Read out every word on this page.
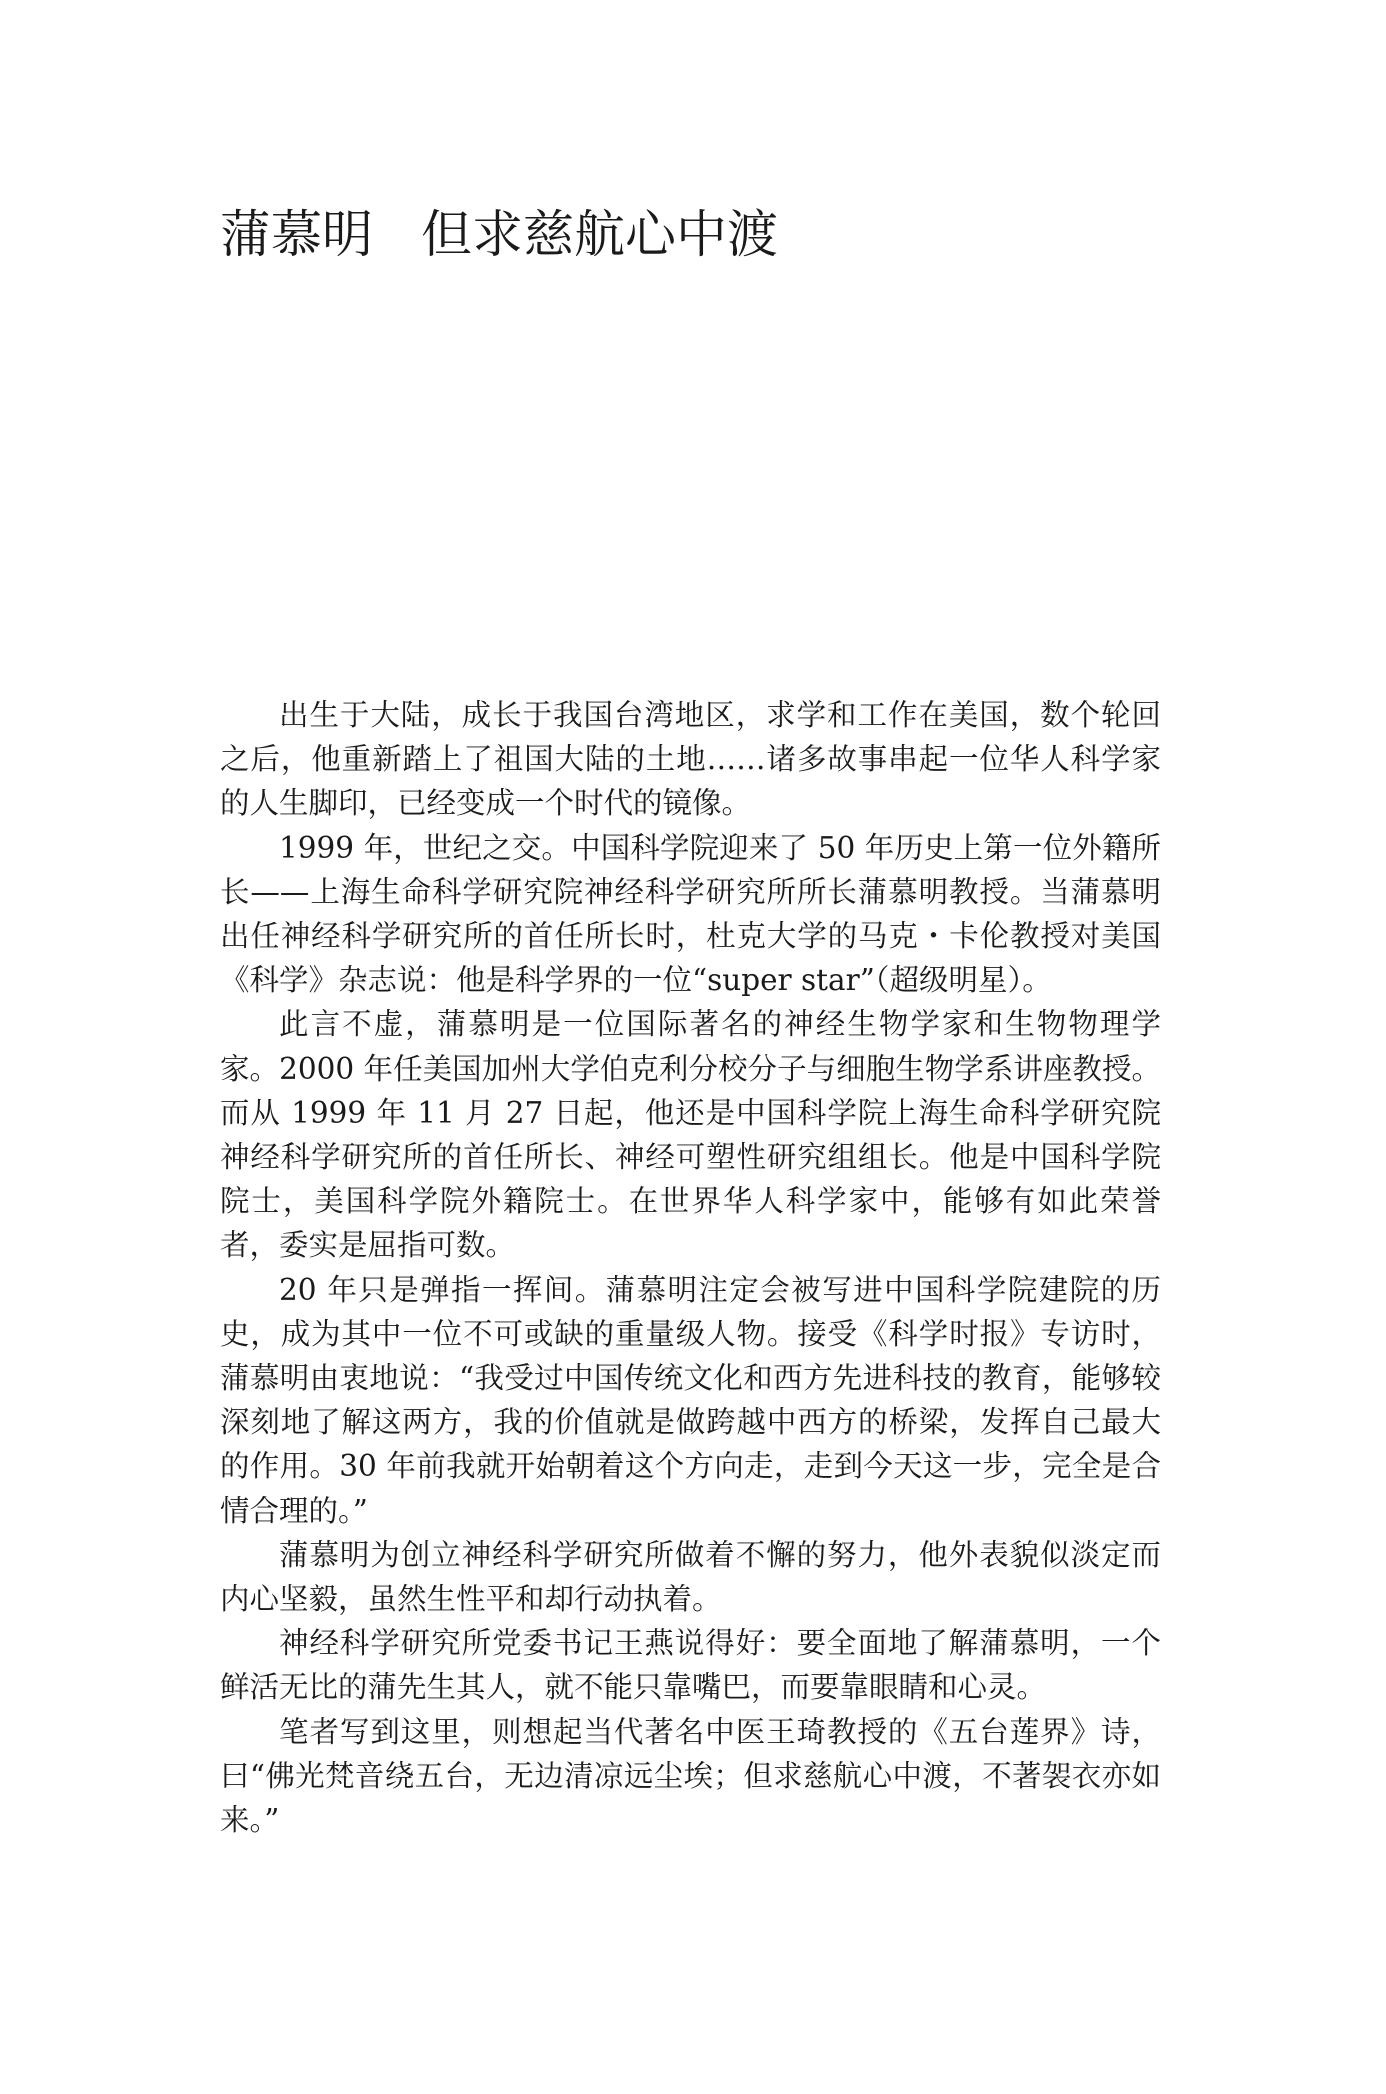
蒲慕明 但求慈航心中渡

出生于大陆，成长于我国台湾地区，求学和工作在美国，数个轮回之后，他重新踏上了祖国大陆的土地……诸多故事串起一位华人科学家的人生脚印，已经变成一个时代的镜像。

1999 年，世纪之交。中国科学院迎来了 50 年历史上第一位外籍所长——上海生命科学研究院神经科学研究所所长蒲慕明教授。当蒲慕明出任神经科学研究所的首任所长时，杜克大学的马克・卡伦教授对美国《科学》杂志说：他是科学界的一位“super star”（超级明星）。

此言不虚，蒲慕明是一位国际著名的神经生物学家和生物物理学家。2000 年任美国加州大学伯克利分校分子与细胞生物学系讲座教授。而从 1999 年 11 月 27 日起，他还是中国科学院上海生命科学研究院神经科学研究所的首任所长、神经可塑性研究组组长。他是中国科学院院士，美国科学院外籍院士。在世界华人科学家中，能够有如此荣誉者，委实是屈指可数。

20 年只是弹指一挥间。蒲慕明注定会被写进中国科学院建院的历史，成为其中一位不可或缺的重量级人物。接受《科学时报》专访时，蒲慕明由衷地说：“我受过中国传统文化和西方先进科技的教育，能够较深刻地了解这两方，我的价值就是做跨越中西方的桥梁，发挥自己最大的作用。30 年前我就开始朝着这个方向走，走到今天这一步，完全是合情合理的。”

蒲慕明为创立神经科学研究所做着不懈的努力，他外表貌似淡定而内心坚毅，虽然生性平和却行动执着。

神经科学研究所党委书记王燕说得好：要全面地了解蒲慕明，一个鲜活无比的蒲先生其人，就不能只靠嘴巴，而要靠眼睛和心灵。

笔者写到这里，则想起当代著名中医王琦教授的《五台莲界》诗，曰“佛光梵音绕五台，无边清凉远尘埃；但求慈航心中渡，不著袈衣亦如来。”
